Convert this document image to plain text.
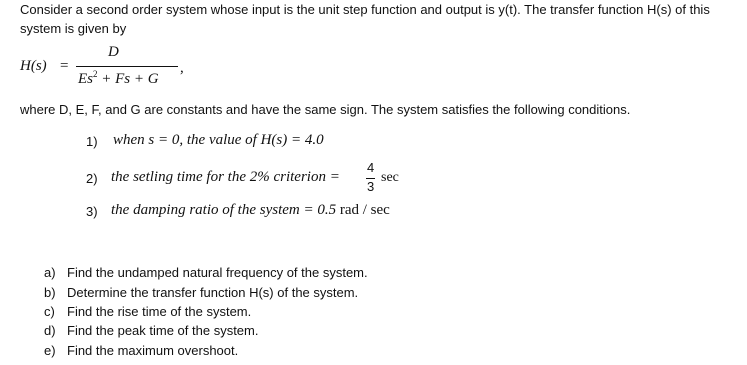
Consider a second order system whose input is the unit step function and output is y(t). The transfer function H(s) of this
system is given by
H(s) =
D
$Es^2 + Fs + G$
,
where D, E, F, and G are constants and have the same sign. The system satisfies the following conditions.
1) when s = 0, the value of H(s) = 4.0
2) the setling time for the 2% criterion =
4
3
sec
3) the damping ratio of the system = 0.5 rad / sec
a) Find the undamped natural frequency of the system.
b) Determine the transfer function H(s) of the system.
c) Find the rise time of the system.
d) Find the peak time of the system.
e) Find the maximum overshoot.
